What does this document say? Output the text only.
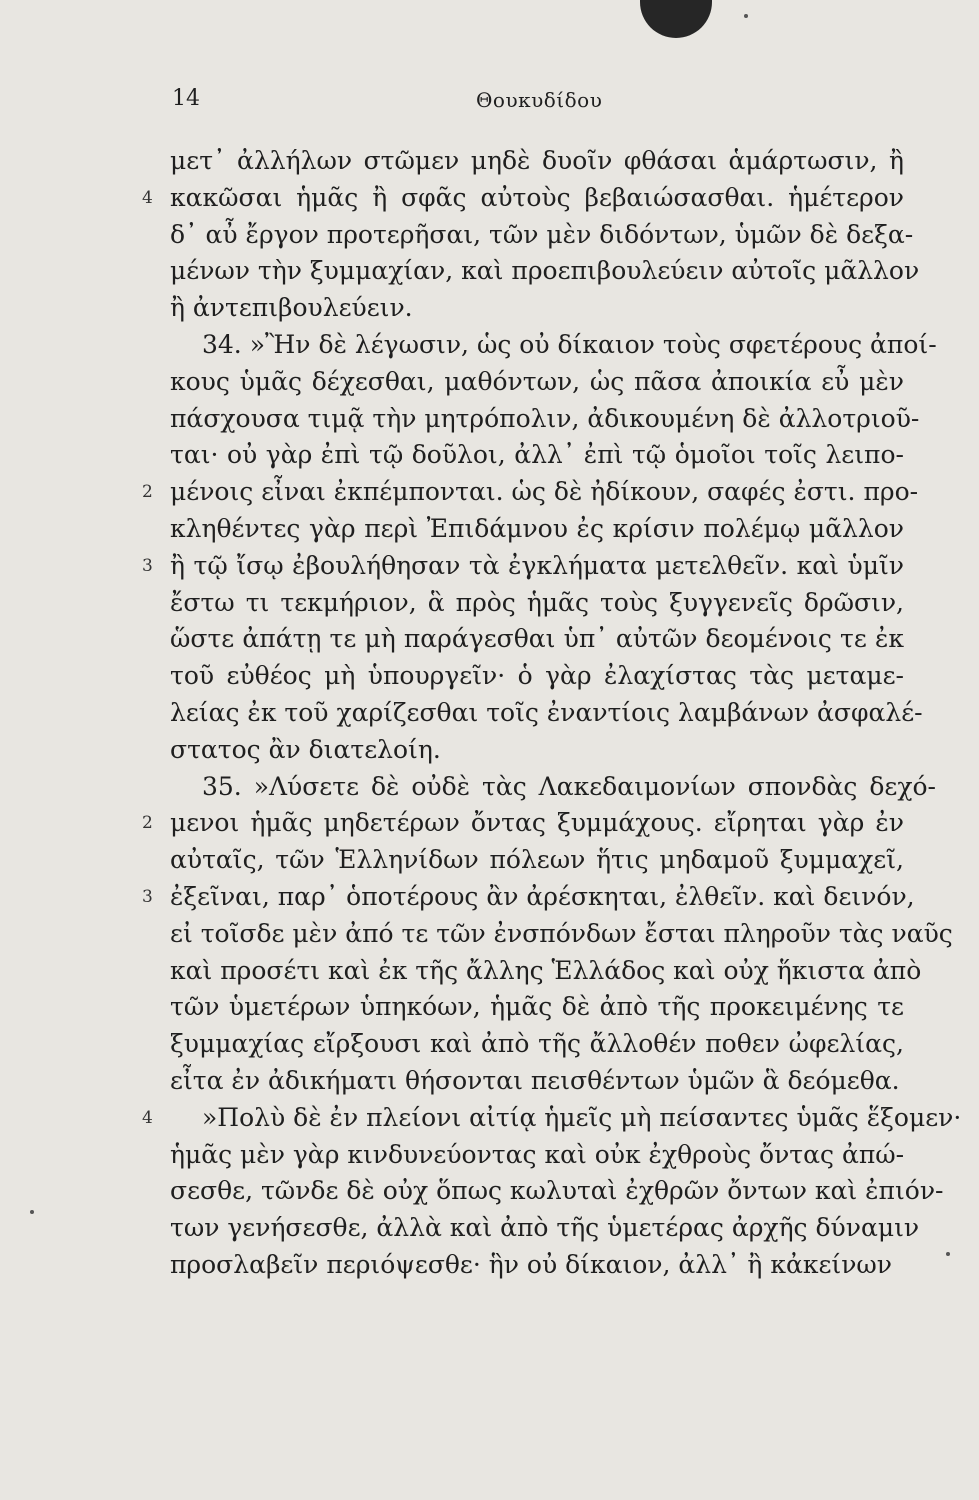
14	Θουκυδίδου
μετ᾽ ἀλλήλων στῶμεν μηδὲ δυοῖν φθάσαι ἁμάρτωσιν, ἢ
4 κακῶσαι ἡμᾶς ἢ σφᾶς αὐτοὺς βεβαιώσασθαι. ἡμέτερον
δ᾽ αὖ ἔργον προτερῆσαι, τῶν μὲν διδόντων, ὑμῶν δὲ δεξα-
μένων τὴν ξυμμαχίαν, καὶ προεπιβουλεύειν αὐτοῖς μᾶλλον
ἢ ἀντεπιβουλεύειν.
34. »Ἢν δὲ λέγωσιν, ὡς οὐ δίκαιον τοὺς σφετέρους ἀποί-
κους ὑμᾶς δέχεσθαι, μαθόντων, ὡς πᾶσα ἀποικία εὖ μὲν
πάσχουσα τιμᾷ τὴν μητρόπολιν, ἀδικουμένη δὲ ἀλλοτριοῦ-
ται· οὐ γὰρ ἐπὶ τῷ δοῦλοι, ἀλλ᾽ ἐπὶ τῷ ὁμοῖοι τοῖς λειπο-
2 μένοις εἶναι ἐκπέμπονται. ὡς δὲ ἠδίκουν, σαφές ἐστι. προ-
κληθέντες γὰρ περὶ Ἐπιδάμνου ἐς κρίσιν πολέμῳ μᾶλλον
3 ἢ τῷ ἴσῳ ἐβουλήθησαν τὰ ἐγκλήματα μετελθεῖν. καὶ ὑμῖν
ἔστω τι τεκμήριον, ἃ πρὸς ἡμᾶς τοὺς ξυγγενεῖς δρῶσιν,
ὥστε ἀπάτῃ τε μὴ παράγεσθαι ὑπ᾽ αὐτῶν δεομένοις τε ἐκ
τοῦ εὐθέος μὴ ὑπουργεῖν· ὁ γὰρ ἐλαχίστας τὰς μεταμε-
λείας ἐκ τοῦ χαρίζεσθαι τοῖς ἐναντίοις λαμβάνων ἀσφαλέ-
στατος ἂν διατελοίη.
35. »Λύσετε δὲ οὐδὲ τὰς Λακεδαιμονίων σπονδὰς δεχό-
2 μενοι ἡμᾶς μηδετέρων ὄντας ξυμμάχους. εἴρηται γὰρ ἐν
αὐταῖς, τῶν Ἑλληνίδων πόλεων ἥτις μηδαμοῦ ξυμμαχεῖ,
3 ἐξεῖναι, παρ᾽ ὁποτέρους ἂν ἀρέσκηται, ἐλθεῖν. καὶ δεινόν,
εἰ τοῖσδε μὲν ἀπό τε τῶν ἐνσπόνδων ἔσται πληροῦν τὰς ναῦς
καὶ προσέτι καὶ ἐκ τῆς ἄλλης Ἑλλάδος καὶ οὐχ ἥκιστα ἀπὸ
τῶν ὑμετέρων ὑπηκόων, ἡμᾶς δὲ ἀπὸ τῆς προκειμένης τε
ξυμμαχίας εἴρξουσι καὶ ἀπὸ τῆς ἄλλοθέν ποθεν ὠφελίας,
εἶτα ἐν ἀδικήματι θήσονται πεισθέντων ὑμῶν ἃ δεόμεθα.
4	»Πολὺ δὲ ἐν πλείονι αἰτίᾳ ἡμεῖς μὴ πείσαντες ὑμᾶς ἕξομεν·
ἡμᾶς μὲν γὰρ κινδυνεύοντας καὶ οὐκ ἐχθροὺς ὄντας ἀπώ-
σεσθε, τῶνδε δὲ οὐχ ὅπως κωλυταὶ ἐχθρῶν ὄντων καὶ ἐπιόν-
των γενήσεσθε, ἀλλὰ καὶ ἀπὸ τῆς ὑμετέρας ἀρχῆς δύναμιν
προσλαβεῖν περιόψεσθε· ἣν οὐ δίκαιον, ἀλλ᾽ ἢ κἀκείνων
